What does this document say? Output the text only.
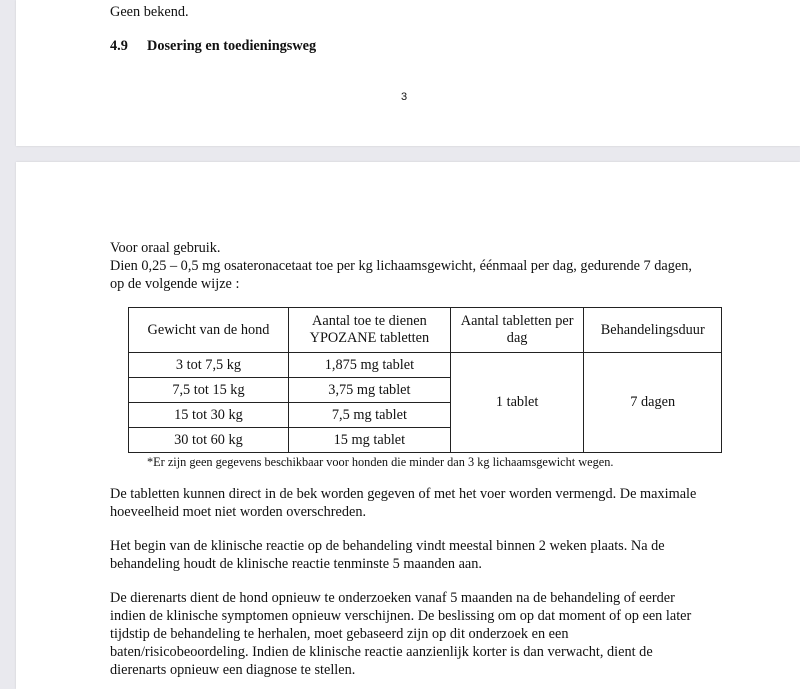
Geen bekend.
4.9 Dosering en toedieningsweg
3
Voor oraal gebruik.
Dien 0,25 – 0,5 mg osateronacetaat toe per kg lichaamsgewicht, éénmaal per dag, gedurende 7 dagen,
op de volgende wijze :
Gewicht van de hond	Aantal toe te dienen YPOZANE tabletten	Aantal tabletten per dag	Behandelingsduur
3 tot 7,5 kg	1,875 mg tablet	1 tablet	7 dagen
7,5 tot 15 kg	3,75 mg tablet		
15 tot 30 kg	7,5 mg tablet		
30 tot 60 kg	15 mg tablet		
*Er zijn geen gegevens beschikbaar voor honden die minder dan 3 kg lichaamsgewicht wegen.
De tabletten kunnen direct in de bek worden gegeven of met het voer worden vermengd. De maximale
hoeveelheid moet niet worden overschreden.
Het begin van de klinische reactie op de behandeling vindt meestal binnen 2 weken plaats. Na de
behandeling houdt de klinische reactie tenminste 5 maanden aan.
De dierenarts dient de hond opnieuw te onderzoeken vanaf 5 maanden na de behandeling of eerder
indien de klinische symptomen opnieuw verschijnen. De beslissing om op dat moment of op een later
tijdstip de behandeling te herhalen, moet gebaseerd zijn op dit onderzoek en een
baten/risicobeoordeling. Indien de klinische reactie aanzienlijk korter is dan verwacht, dient de
dierenarts opnieuw een diagnose te stellen.
